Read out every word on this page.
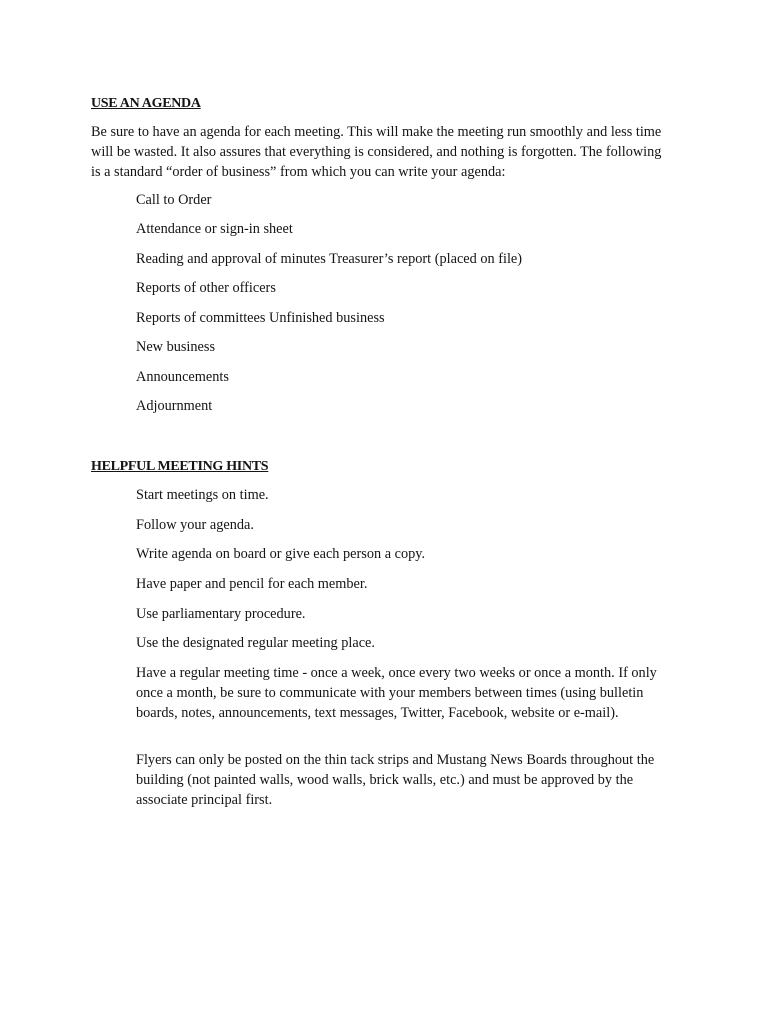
USE AN AGENDA

Be sure to have an agenda for each meeting. This will make the meeting run smoothly and less time will be wasted. It also assures that everything is considered, and nothing is forgotten. The following is a standard “order of business” from which you can write your agenda:

Call to Order
Attendance or sign-in sheet
Reading and approval of minutes Treasurer’s report (placed on file)
Reports of other officers
Reports of committees Unfinished business
New business
Announcements
Adjournment
HELPFUL MEETING HINTS
Start meetings on time.
Follow your agenda.
Write agenda on board or give each person a copy.
Have paper and pencil for each member.
Use parliamentary procedure.
Use the designated regular meeting place.
Have a regular meeting time - once a week, once every two weeks or once a month. If only once a month, be sure to communicate with your members between times (using bulletin boards, notes, announcements, text messages, Twitter, Facebook, website or e-mail).
Flyers can only be posted on the thin tack strips and Mustang News Boards throughout the building (not painted walls, wood walls, brick walls, etc.) and must be approved by the associate principal first.
